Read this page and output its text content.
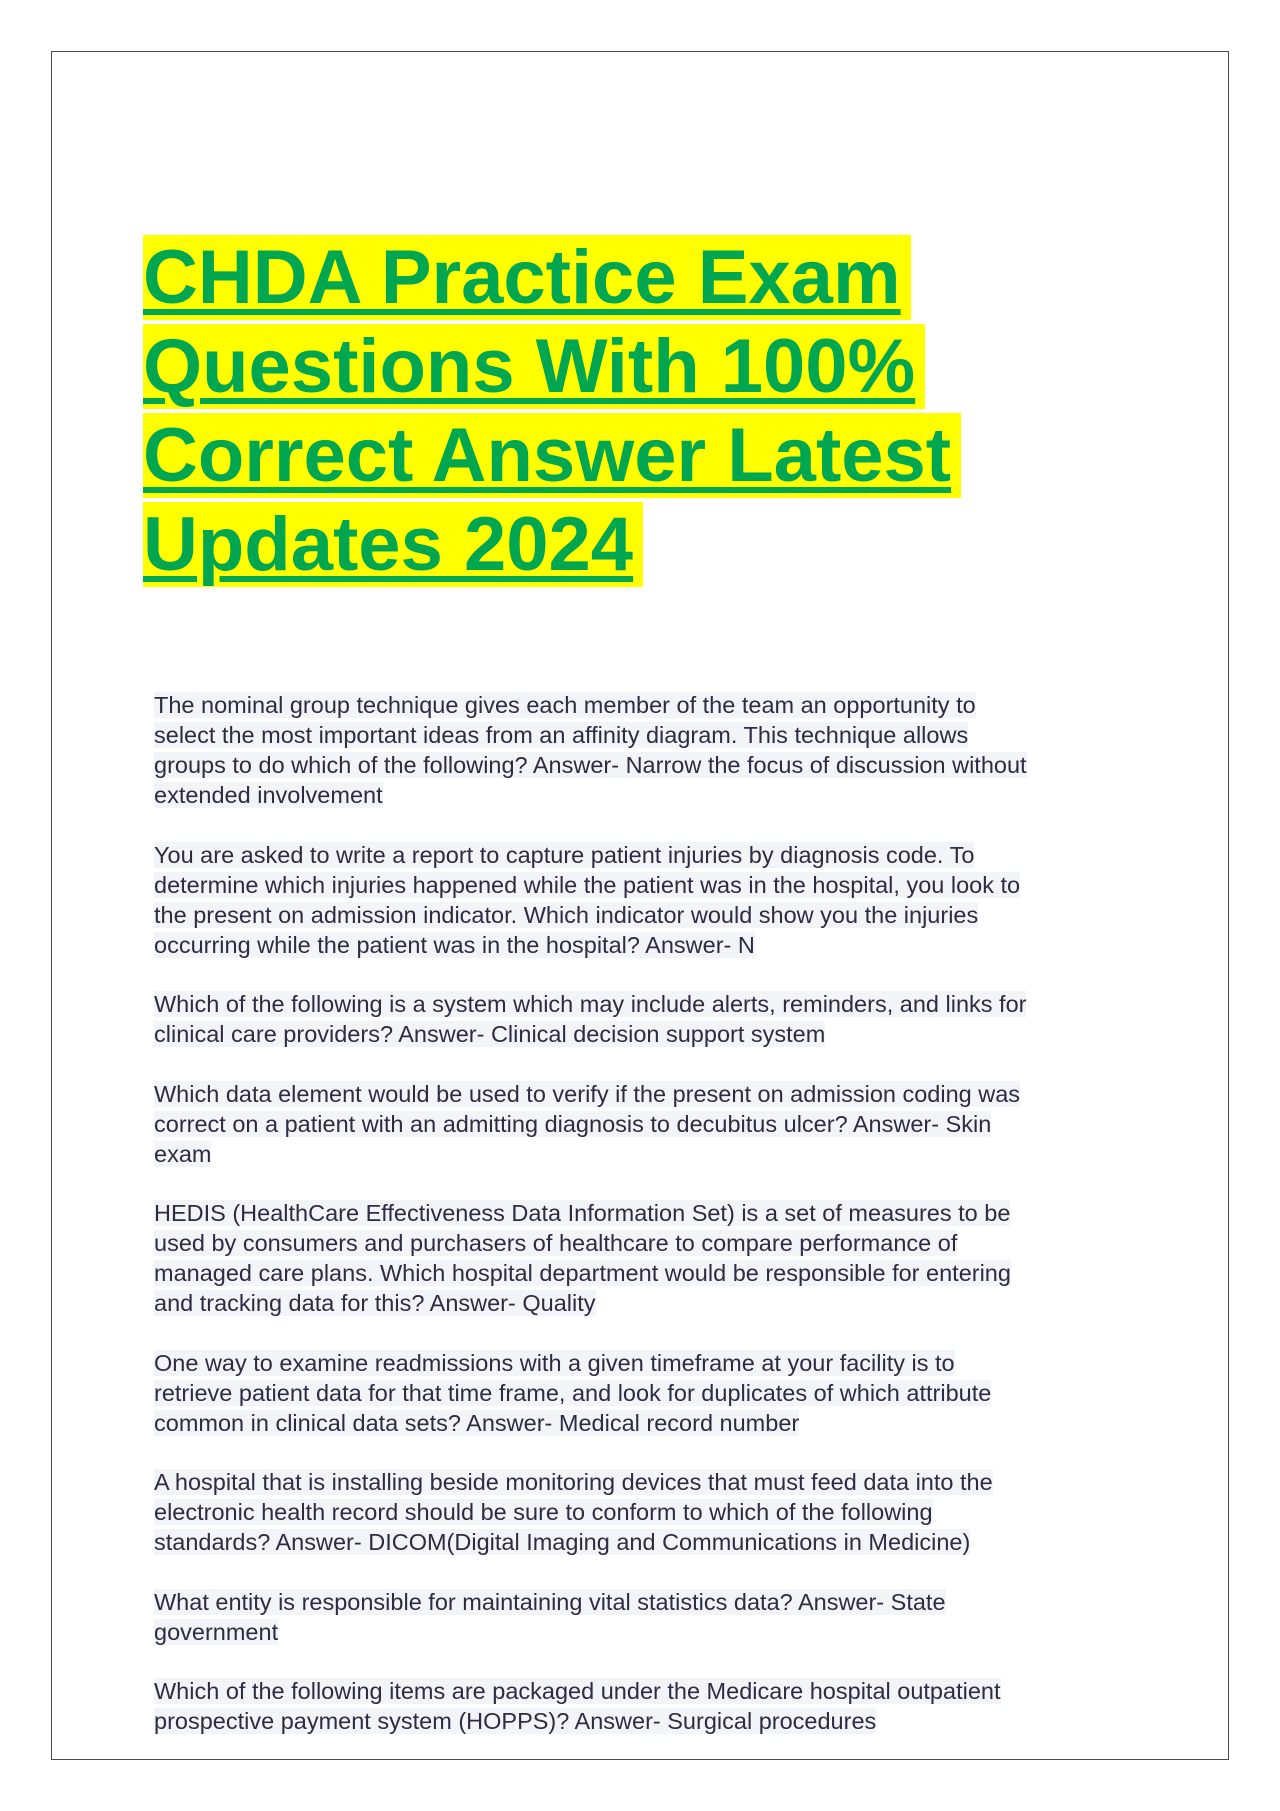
CHDA Practice Exam
Questions With 100%
Correct Answer Latest
Updates 2024
The nominal group technique gives each member of the team an opportunity to
select the most important ideas from an affinity diagram. This technique allows
groups to do which of the following? Answer- Narrow the focus of discussion without
extended involvement
You are asked to write a report to capture patient injuries by diagnosis code. To
determine which injuries happened while the patient was in the hospital, you look to
the present on admission indicator. Which indicator would show you the injuries
occurring while the patient was in the hospital? Answer- N
Which of the following is a system which may include alerts, reminders, and links for
clinical care providers? Answer- Clinical decision support system
Which data element would be used to verify if the present on admission coding was
correct on a patient with an admitting diagnosis to decubitus ulcer? Answer- Skin
exam
HEDIS (HealthCare Effectiveness Data Information Set) is a set of measures to be
used by consumers and purchasers of healthcare to compare performance of
managed care plans. Which hospital department would be responsible for entering
and tracking data for this? Answer- Quality
One way to examine readmissions with a given timeframe at your facility is to
retrieve patient data for that time frame, and look for duplicates of which attribute
common in clinical data sets? Answer- Medical record number
A hospital that is installing beside monitoring devices that must feed data into the
electronic health record should be sure to conform to which of the following
standards? Answer- DICOM(Digital Imaging and Communications in Medicine)
What entity is responsible for maintaining vital statistics data? Answer- State
government
Which of the following items are packaged under the Medicare hospital outpatient
prospective payment system (HOPPS)? Answer- Surgical procedures
